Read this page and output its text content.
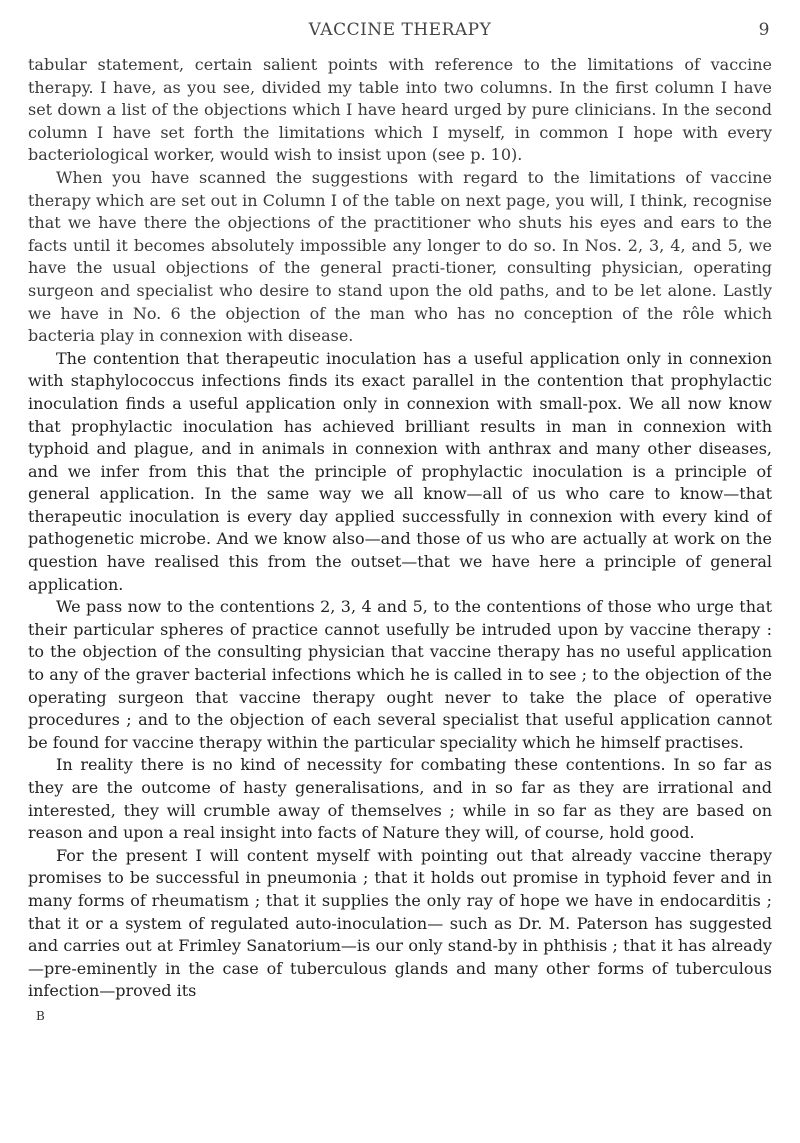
VACCINE THERAPY	9

tabular statement, certain salient points with reference to the limitations of vaccine therapy. I have, as you see, divided my table into two columns. In the first column I have set down a list of the objections which I have heard urged by pure clinicians. In the second column I have set forth the limitations which I myself, in common I hope with every bacteriological worker, would wish to insist upon (see p. 10).

When you have scanned the suggestions with regard to the limitations of vaccine therapy which are set out in Column I of the table on next page, you will, I think, recognise that we have there the objections of the practitioner who shuts his eyes and ears to the facts until it becomes absolutely impossible any longer to do so. In Nos. 2, 3, 4, and 5, we have the usual objections of the general practi-tioner, consulting physician, operating surgeon and specialist who desire to stand upon the old paths, and to be let alone. Lastly we have in No. 6 the objection of the man who has no conception of the rôle which bacteria play in connexion with disease.

The contention that therapeutic inoculation has a useful application only in connexion with staphylococcus infections finds its exact parallel in the contention that prophylactic inoculation finds a useful application only in connexion with small-pox. We all now know that prophylactic inoculation has achieved brilliant results in man in connexion with typhoid and plague, and in animals in connexion with anthrax and many other diseases, and we infer from this that the principle of prophylactic inoculation is a principle of general application. In the same way we all know—all of us who care to know—that therapeutic inoculation is every day applied successfully in connexion with every kind of pathogenetic microbe. And we know also—and those of us who are actually at work on the question have realised this from the outset—that we have here a principle of general application.

We pass now to the contentions 2, 3, 4 and 5, to the contentions of those who urge that their particular spheres of practice cannot usefully be intruded upon by vaccine therapy : to the objection of the consulting physician that vaccine therapy has no useful application to any of the graver bacterial infections which he is called in to see ; to the objection of the operating surgeon that vaccine therapy ought never to take the place of operative procedures ; and to the objection of each several specialist that useful application cannot be found for vaccine therapy within the particular speciality which he himself practises.

In reality there is no kind of necessity for combating these contentions. In so far as they are the outcome of hasty generalisations, and in so far as they are irrational and interested, they will crumble away of themselves ; while in so far as they are based on reason and upon a real insight into facts of Nature they will, of course, hold good.

For the present I will content myself with pointing out that already vaccine therapy promises to be successful in pneumonia ; that it holds out promise in typhoid fever and in many forms of rheumatism ; that it supplies the only ray of hope we have in endocarditis ; that it or a system of regulated auto-inoculation— such as Dr. M. Paterson has suggested and carries out at Frimley Sanatorium—is our only stand-by in phthisis ; that it has already—pre-eminently in the case of tuberculous glands and many other forms of tuberculous infection—proved its

B
